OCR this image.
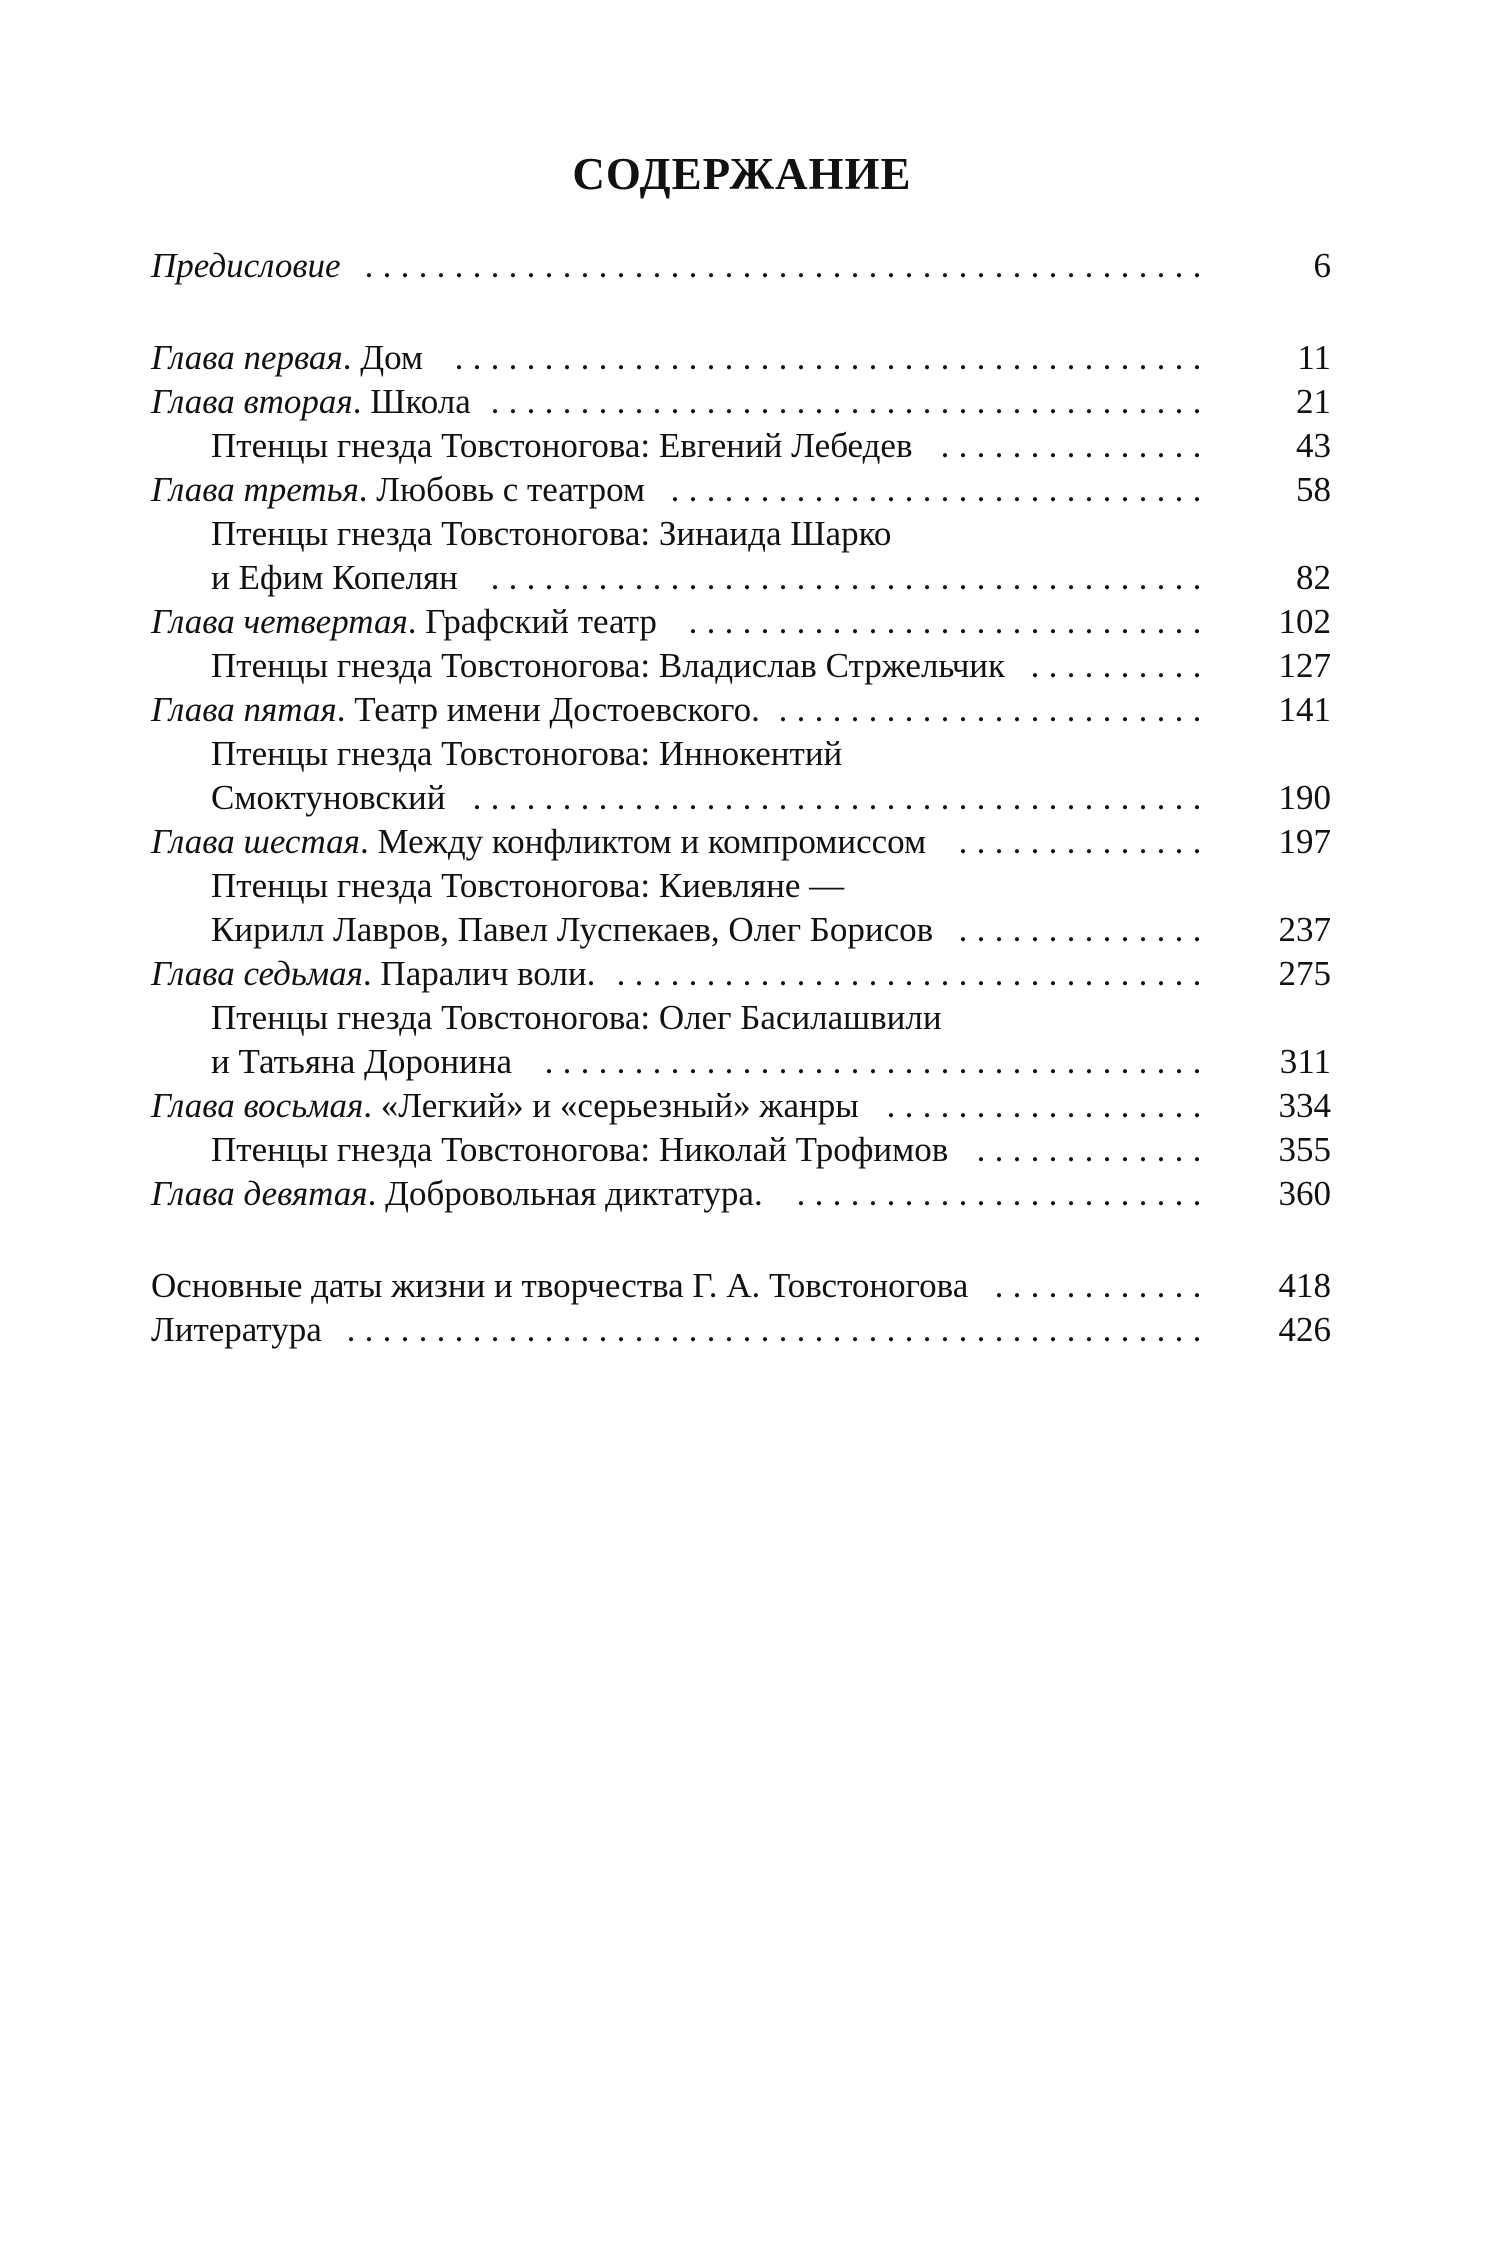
СОДЕРЖАНИЕ
Предисловие . . . . . . . . . . . . . . . . . . . . . . . . . . . . . . . . . . . . . . . . . . . . . . .	6
Глава первая. Дом . . . . . . . . . . . . . . . . . . . . . . . . . . . . . . . . . . . . . . . . . .	11
Глава вторая. Школа . . . . . . . . . . . . . . . . . . . . . . . . . . . . . . . . . . . . . . . .	21
Птенцы гнезда Товстоногова: Евгений Лебедев . . . . . . . . . . . . . . .	43
Глава третья. Любовь с театром . . . . . . . . . . . . . . . . . . . . . . . . . . . . . .	58
Птенцы гнезда Товстоногова: Зинаида Шарко
и Ефим Копелян . . . . . . . . . . . . . . . . . . . . . . . . . . . . . . . . . . . . . . . .	82
Глава четвертая. Графский театр . . . . . . . . . . . . . . . . . . . . . . . . . . . . . 102
Птенцы гнезда Товстоногова: Владислав Стржельчик . . . . . . . . . . 127
Глава пятая. Театр имени Достоевского. . . . . . . . . . . . . . . . . . . . . . . . . 141
Птенцы гнезда Товстоногова: Иннокентий
Смоктуновский . . . . . . . . . . . . . . . . . . . . . . . . . . . . . . . . . . . . . . . . . 190
Глава шестая. Между конфликтом и компромиссом . . . . . . . . . . . . . . 197
Птенцы гнезда Товстоногова: Киевляне —
Кирилл Лавров, Павел Луспекаев, Олег Борисов . . . . . . . . . . . . . . 237
Глава седьмая. Паралич воли. . . . . . . . . . . . . . . . . . . . . . . . . . . . . . . . . . 275
Птенцы гнезда Товстоногова: Олег Басилашвили
и Татьяна Доронина . . . . . . . . . . . . . . . . . . . . . . . . . . . . . . . . . . . . . 311
Глава восьмая. «Легкий» и «серьезный» жанры . . . . . . . . . . . . . . . . . . 334
Птенцы гнезда Товстоногова: Николай Трофимов . . . . . . . . . . . . . 355
Глава девятая. Добровольная диктатура. . . . . . . . . . . . . . . . . . . . . . . . 360
Основные даты жизни и творчества Г. А. Товстоногова . . . . . . . . . . . . 418
Литература . . . . . . . . . . . . . . . . . . . . . . . . . . . . . . . . . . . . . . . . . . . . . . . . 426
